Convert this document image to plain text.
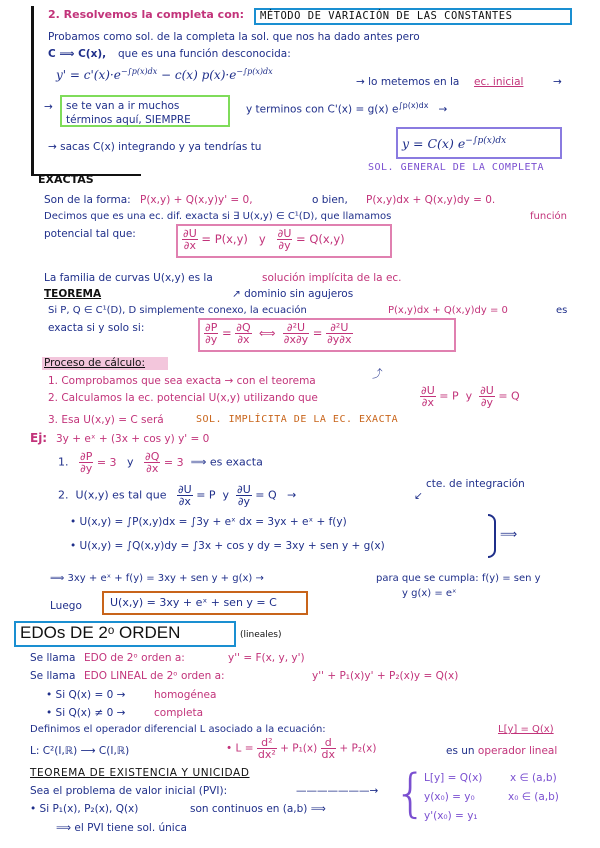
2. Resolvemos la completa con: MÉTODO DE VARIACIÓN DE LAS CONSTANTES
Probamos como sol. de la completa la sol. que nos ha dado antes pero
C ⟹ C(x), que es una función desconocida:
$y' = c'(x)\cdot e^{-\int p(x)dx} - c(x)$ $p(x)\cdot e^{-\int p(x)dx}$
→ lo metemos en la ec. inicial	→
→ se te van a ir muchos términos aquí, SIEMPRE
y terminos con C'(x) = g(x) $e^{\int p(x)dx}$   →
→ sacas C(x) integrando y ya tendrías tu	y = C(x) $e^{-\int p(x)dx}$
SOL. GENERAL DE LA COMPLETA
EXACTAS
Son de la forma: P(x,y) + Q(x,y)y' = 0,	o bien, P(x,y)dx + Q(x,y)dy = 0.
Decimos que es una ec. dif. exacta si ∃ U(x,y) ∈ C¹(D), que llamamos	función
potencial tal que:	$\frac{\partial U}{\partial x} = P(x,y)$   y $\frac{\partial U}{\partial y} = Q(x,y)$
La familia de curvas U(x,y) es la	solución implícita de la ec.
TEOREMA	↗ dominio sin agujeros
Si P, Q ∈ C¹(D), D simplemente conexo, la ecuación	P(x,y)dx + Q(x,y)dy = 0	es
exacta si y solo si:	$\frac{\partial P}{\partial y} = \frac{\partial Q}{\partial x}$ ⟺ $\frac{\text{∂²U}}{\partial x\partial y} = \frac{\text{∂²U}}{\partial y\partial x}$
Proceso de cálculo:
1. Comprobamos que sea exacta → con el teorema
⤴
2. Calculamos la ec. potencial U(x,y) utilizando que	$\frac{\partial U}{\partial x} = P$  y $\frac{\partial U}{\partial y} = Q$
3. Esa U(x,y) = C será	SOL. IMPLÍCITA DE LA EC. EXACTA
Ej: 3y + eˣ + (3x + cos y) y' = 0
1. $\frac{\partial P}{\partial y} = 3$   y $\frac{\partial Q}{\partial x} = 3$  ⟹ es exacta
2.  U(x,y) es tal que $\frac{\partial U}{\partial x} = P$  y $\frac{\partial U}{\partial y} = Q$   →
cte. de integración
↙
• U(x,y) = ∫P(x,y)dx = ∫3y + eˣ dx = 3yx + eˣ + f(y)
• U(x,y) = ∫Q(x,y)dy = ∫3x + cos y dy = 3xy + sen y + g(x)
⟹
⟹ 3xy + eˣ + f(y) = 3xy + sen y + g(x) →	para que se cumpla: f(y) = sen y
y g(x) = eˣ
Luego	U(x,y) = 3xy + eˣ + sen y = C
EDOs DE 2ᵒ ORDEN	(lineales)
Se llama EDO de 2ᵒ orden a:	y'' = F(x, y, y')
Se llama EDO LINEAL de 2ᵒ orden a:	y'' + P₁(x)y' + P₂(x)y = Q(x)
• Si Q(x) = 0 →	homogénea
• Si Q(x) ≠ 0 →	completa
Definimos el operador diferencial L asociado a la ecuación:	L[y] = Q(x)
L: C²(I,ℝ) ⟶ C(I,ℝ)	• $L = \frac{\text{d²}}{\text{dx²}} + P_1(x) \frac{d}{dx} + P_2(x)$	es un operador lineal
TEOREMA DE EXISTENCIA Y UNICIDAD
Sea el problema de valor inicial (PVI):	———————→
• Si P₁(x), P₂(x), Q(x)	son continuos en (a,b) ⟹
⟹ el PVI tiene sol. única
{
L[y] = Q(x)	x ∈ (a,b)
y(x₀) = y₀	x₀ ∈ (a,b)
y'(x₀) = y₁
